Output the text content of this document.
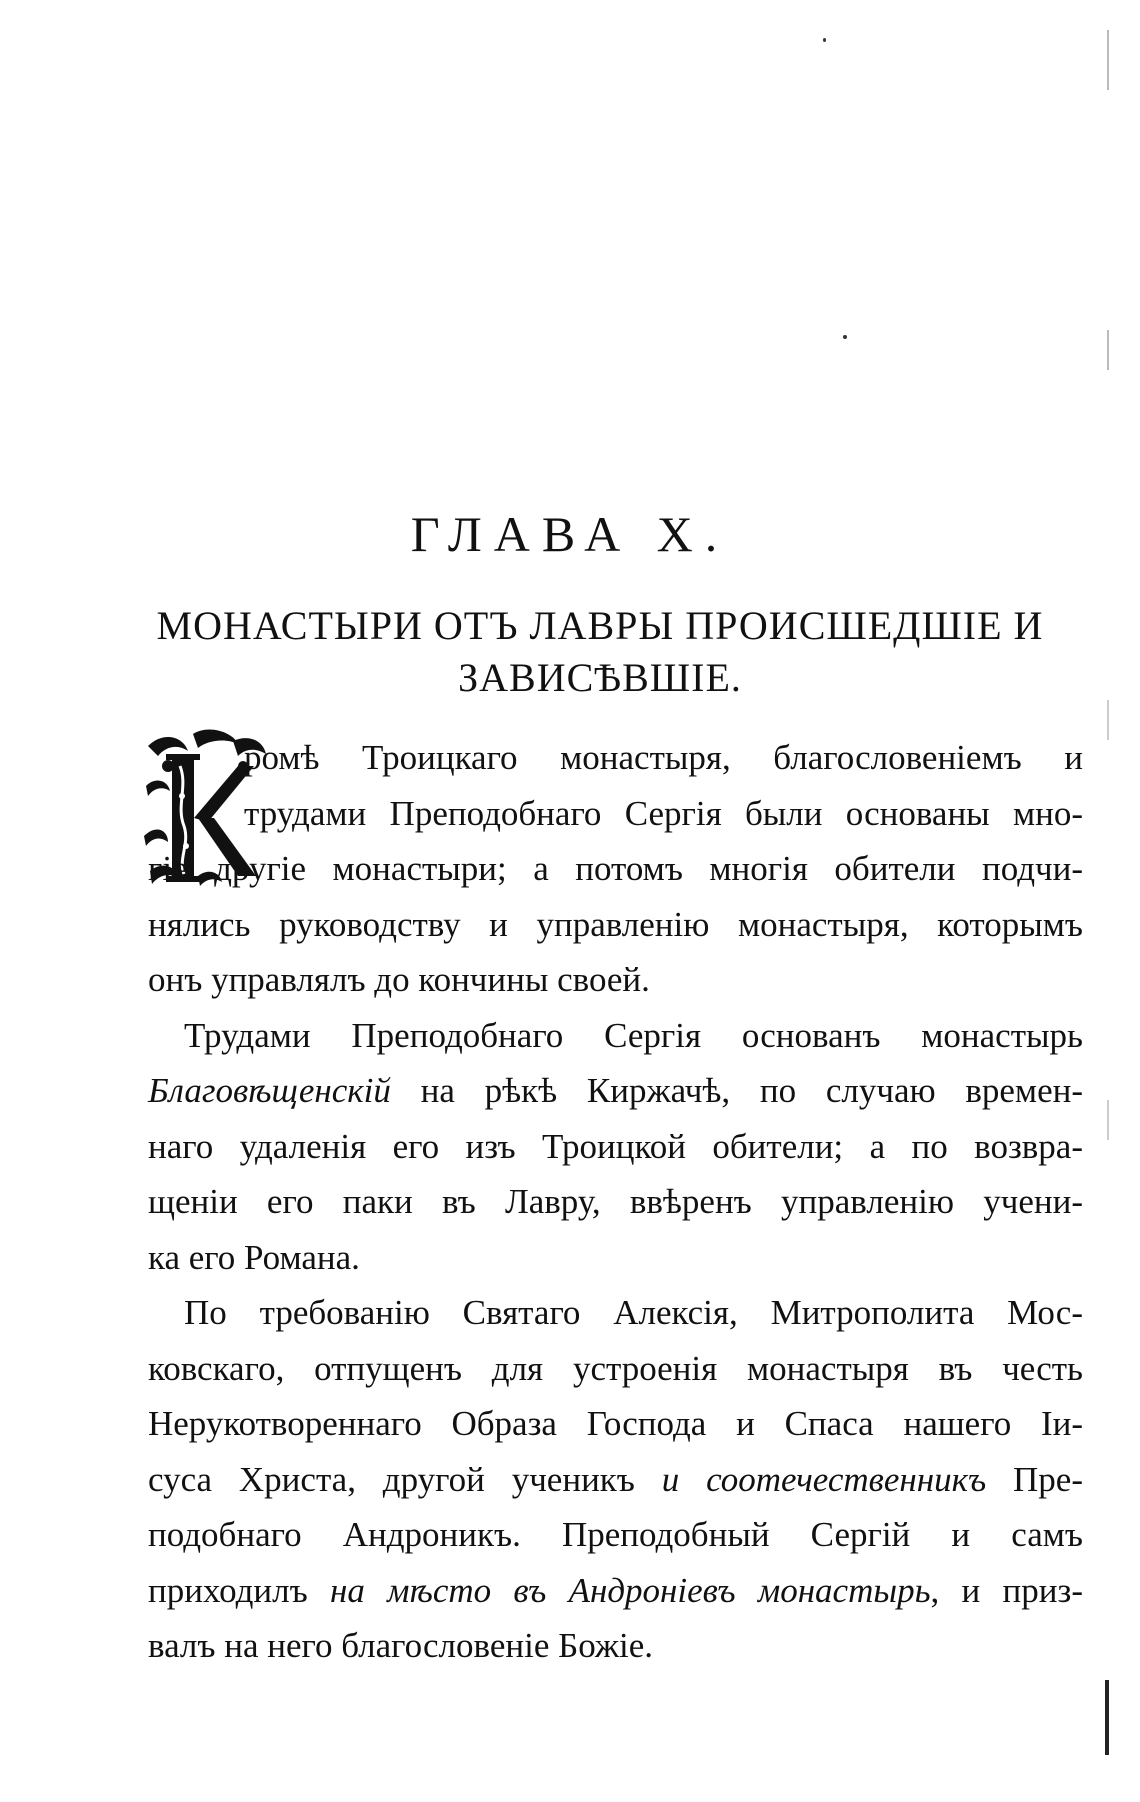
ГЛАВА X.
МОНАСТЫРИ ОТЪ ЛАВРЫ ПРОИСШЕДШІЕ И
ЗАВИСѢВШІЕ.
ромѣ Троицкаго монастыря, благословеніемъ и
трудами Преподобнаго Сергія были основаны мно-
гіе другіе монастыри; а потомъ многія обители подчи-
нялись руководству и управленію монастыря, которымъ
онъ управлялъ до кончины своей.
Трудами Преподобнаго Сергія основанъ монастырь
Благовѣщенскій на рѣкѣ Киржачѣ, по случаю времен-
наго удаленія его изъ Троицкой обители; а по возвра-
щеніи его паки въ Лавру, ввѣренъ управленію учени-
ка его Романа.
По требованію Святаго Алексія, Митрополита Мос-
ковскаго, отпущенъ для устроенія монастыря въ честь
Нерукотвореннаго Образа Господа и Спаса нашего Іи-
суса Христа, другой ученикъ и соотечественникъ Пре-
подобнаго Андроникъ. Преподобный Сергій и самъ
приходилъ на мѣсто въ Андроніевъ монастырь, и приз-
валъ на него благословеніе Божіе.
